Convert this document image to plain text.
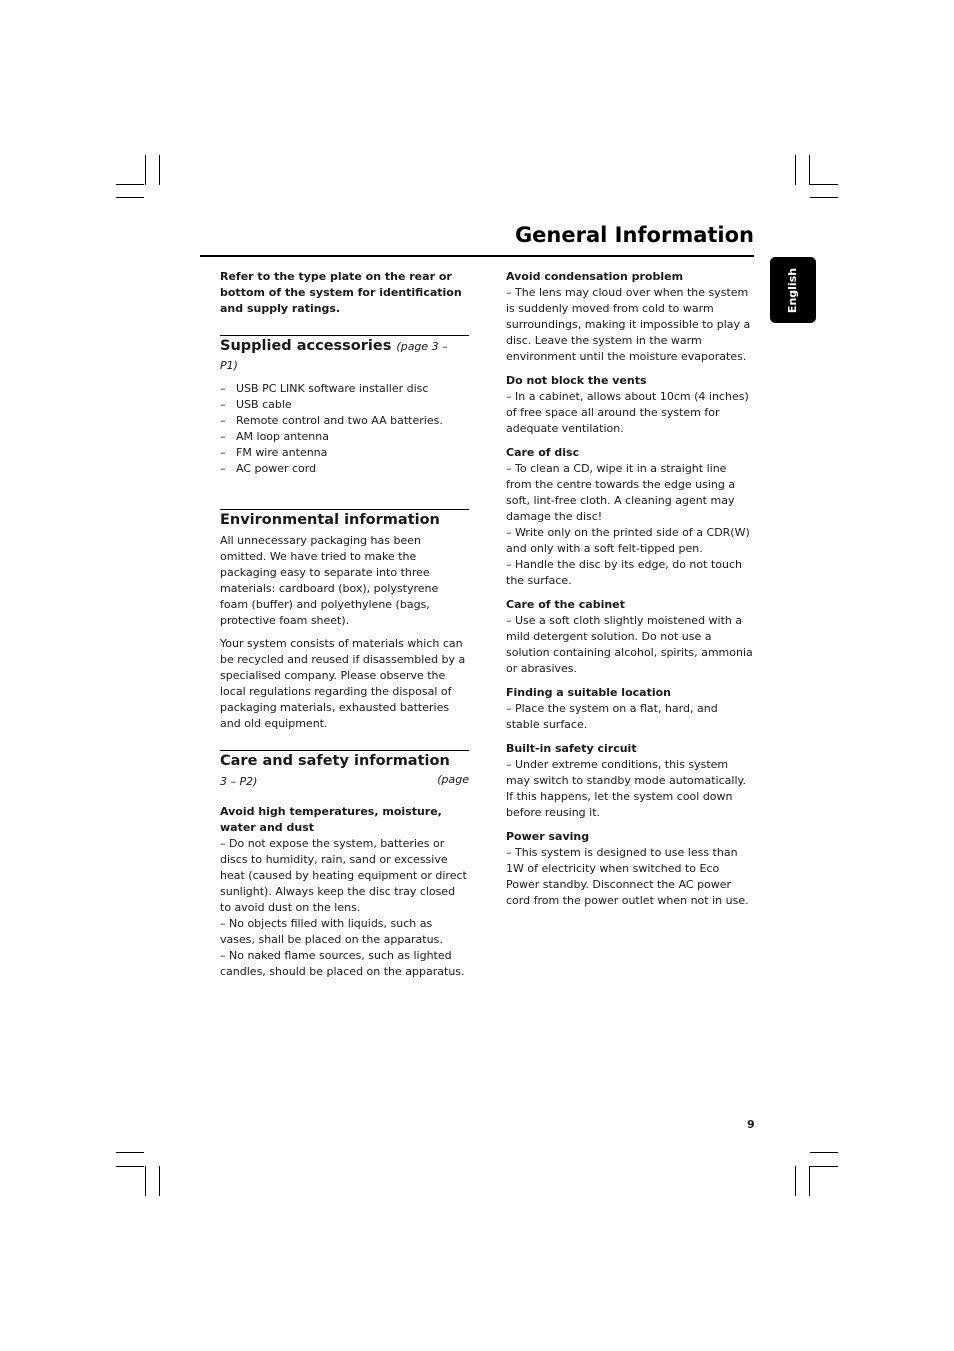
General Information
English

Refer to the type plate on the rear or bottom of the system for identification and supply ratings.

Supplied accessories (page 3 – P1)
– USB PC LINK software installer disc
– USB cable
– Remote control and two AA batteries.
– AM loop antenna
– FM wire antenna
– AC power cord
Environmental information

All unnecessary packaging has been omitted. We have tried to make the packaging easy to separate into three materials: cardboard (box), polystyrene foam (buffer) and polyethylene (bags, protective foam sheet).

Your system consists of materials which can be recycled and reused if disassembled by a specialised company. Please observe the local regulations regarding the disposal of packaging materials, exhausted batteries and old equipment.

Care and safety information
(page

3 – P2)

Avoid high temperatures, moisture, water and dust

– Do not expose the system, batteries or discs to humidity, rain, sand or excessive heat (caused by heating equipment or direct sunlight). Always keep the disc tray closed to avoid dust on the lens.

– No objects filled with liquids, such as vases, shall be placed on the apparatus.

– No naked flame sources, such as lighted candles, should be placed on the apparatus.

Avoid condensation problem

– The lens may cloud over when the system is suddenly moved from cold to warm surroundings, making it impossible to play a disc. Leave the system in the warm environment until the moisture evaporates.

Do not block the vents

– In a cabinet, allows about 10cm (4 inches) of free space all around the system for adequate ventilation.

Care of disc

– To clean a CD, wipe it in a straight line from the centre towards the edge using a soft, lint-free cloth. A cleaning agent may damage the disc!

– Write only on the printed side of a CDR(W) and only with a soft felt-tipped pen.

– Handle the disc by its edge, do not touch the surface.

Care of the cabinet

– Use a soft cloth slightly moistened with a mild detergent solution. Do not use a solution containing alcohol, spirits, ammonia or abrasives.

Finding a suitable location

– Place the system on a flat, hard, and stable surface.

Built-in safety circuit

– Under extreme conditions, this system may switch to standby mode automatically. If this happens, let the system cool down before reusing it.

Power saving

– This system is designed to use less than 1W of electricity when switched to Eco Power standby. Disconnect the AC power cord from the power outlet when not in use.

9
